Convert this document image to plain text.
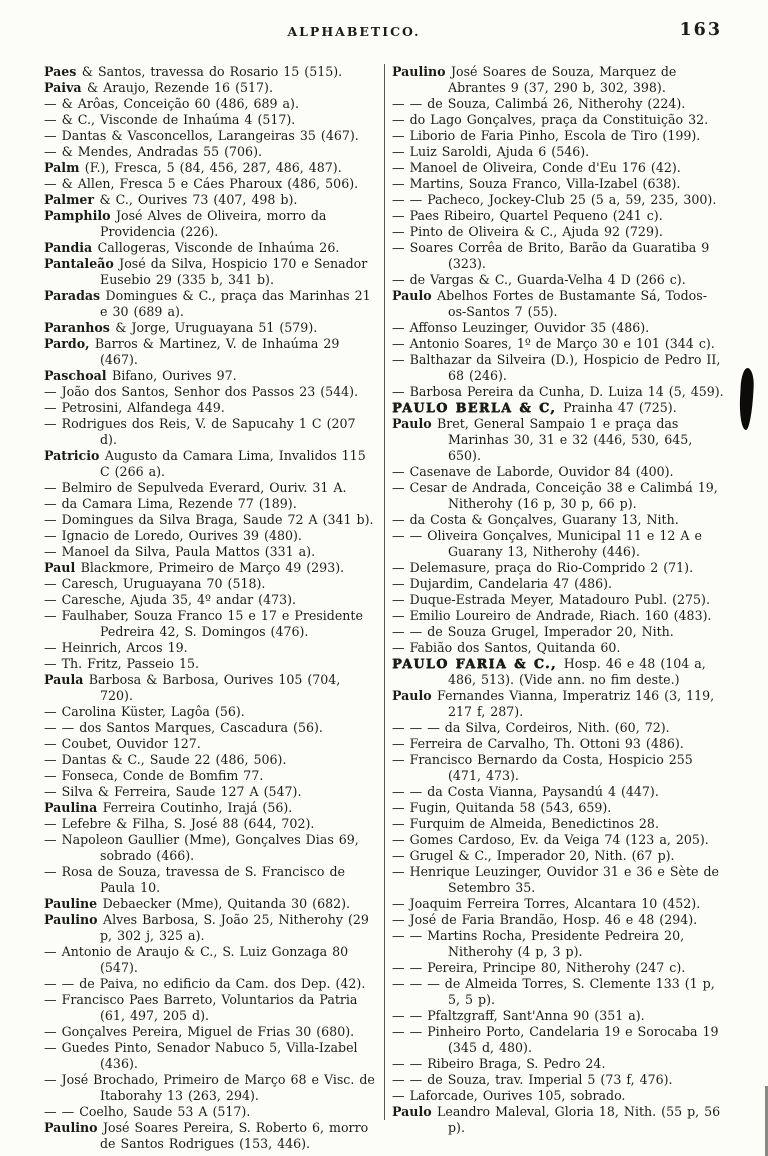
ALPHABETICO.	163
Paes & Santos, travessa do Rosario 15 (515).
Paiva & Araujo, Rezende 16 (517).
— & Arôas, Conceição 60 (486, 689 a).
— & C., Visconde de Inhaúma 4 (517).
— Dantas & Vasconcellos, Larangeiras 35 (467).
— & Mendes, Andradas 55 (706).
Palm (F.), Fresca, 5 (84, 456, 287, 486, 487).
— & Allen, Fresca 5 e Cáes Pharoux (486, 506).
Palmer & C., Ourives 73 (407, 498 b).
Pamphilo José Alves de Oliveira, morro da Providencia (226).
Pandia Callogeras, Visconde de Inhaúma 26.
Pantaleão José da Silva, Hospicio 170 e Senador Eusebio 29 (335 b, 341 b).
Paradas Domingues & C., praça das Marinhas 21 e 30 (689 a).
Paranhos & Jorge, Uruguayana 51 (579).
Pardo, Barros & Martinez, V. de Inhaúma 29 (467).
Paschoal Bifano, Ourives 97.
— João dos Santos, Senhor dos Passos 23 (544).
— Petrosini, Alfandega 449.
— Rodrigues dos Reis, V. de Sapucahy 1 C (207 d).
Patricio Augusto da Camara Lima, Invalidos 115 C (266 a).
— Belmiro de Sepulveda Everard, Ouriv. 31 A.
— da Camara Lima, Rezende 77 (189).
— Domingues da Silva Braga, Saude 72 A (341 b).
— Ignacio de Loredo, Ourives 39 (480).
— Manoel da Silva, Paula Mattos (331 a).
Paul Blackmore, Primeiro de Março 49 (293).
— Caresch, Uruguayana 70 (518).
— Caresche, Ajuda 35, 4º andar (473).
— Faulhaber, Souza Franco 15 e 17 e Presidente Pedreira 42, S. Domingos (476).
— Heinrich, Arcos 19.
— Th. Fritz, Passeio 15.
Paula Barbosa & Barbosa, Ourives 105 (704, 720).
— Carolina Küster, Lagôa (56).
— — dos Santos Marques, Cascadura (56).
— Coubet, Ouvidor 127.
— Dantas & C., Saude 22 (486, 506).
— Fonseca, Conde de Bomfim 77.
— Silva & Ferreira, Saude 127 A (547).
Paulina Ferreira Coutinho, Irajá (56).
— Lefebre & Filha, S. José 88 (644, 702).
— Napoleon Gaullier (Mme), Gonçalves Dias 69, sobrado (466).
— Rosa de Souza, travessa de S. Francisco de Paula 10.
Pauline Debaecker (Mme), Quitanda 30 (682).
Paulino Alves Barbosa, S. João 25, Nitherohy (29 p, 302 j, 325 a).
— Antonio de Araujo & C., S. Luiz Gonzaga 80 (547).
— — de Paiva, no edificio da Cam. dos Dep. (42).
— Francisco Paes Barreto, Voluntarios da Patria (61, 497, 205 d).
— Gonçalves Pereira, Miguel de Frias 30 (680).
— Guedes Pinto, Senador Nabuco 5, Villa-Izabel (436).
— José Brochado, Primeiro de Março 68 e Visc. de Itaborahy 13 (263, 294).
— — Coelho, Saude 53 A (517).
Paulino José Soares Pereira, S. Roberto 6, morro de Santos Rodrigues (153, 446).
Paulino José Soares de Souza, Marquez de Abrantes 9 (37, 290 b, 302, 398).
— — de Souza, Calimbá 26, Nitherohy (224).
— do Lago Gonçalves, praça da Constituição 32.
— Liborio de Faria Pinho, Escola de Tiro (199).
— Luiz Saroldi, Ajuda 6 (546).
— Manoel de Oliveira, Conde d'Eu 176 (42).
— Martins, Souza Franco, Villa-Izabel (638).
— — Pacheco, Jockey-Club 25 (5 a, 59, 235, 300).
— Paes Ribeiro, Quartel Pequeno (241 c).
— Pinto de Oliveira & C., Ajuda 92 (729).
— Soares Corrêa de Brito, Barão da Guaratiba 9 (323).
— de Vargas & C., Guarda-Velha 4 D (266 c).
Paulo Abelhos Fortes de Bustamante Sá, Todos-os-Santos 7 (55).
— Affonso Leuzinger, Ouvidor 35 (486).
— Antonio Soares, 1º de Março 30 e 101 (344 c).
— Balthazar da Silveira (D.), Hospicio de Pedro II, 68 (246).
— Barbosa Pereira da Cunha, D. Luiza 14 (5, 459).
PAULO BERLA & C, Prainha 47 (725).
Paulo Bret, General Sampaio 1 e praça das Marinhas 30, 31 e 32 (446, 530, 645, 650).
— Casenave de Laborde, Ouvidor 84 (400).
— Cesar de Andrada, Conceição 38 e Calimbá 19, Nitherohy (16 p, 30 p, 66 p).
— da Costa & Gonçalves, Guarany 13, Nith.
— — Oliveira Gonçalves, Municipal 11 e 12 A e Guarany 13, Nitherohy (446).
— Delemasure, praça do Rio-Comprido 2 (71).
— Dujardim, Candelaria 47 (486).
— Duque-Estrada Meyer, Matadouro Publ. (275).
— Emilio Loureiro de Andrade, Riach. 160 (483).
— — de Souza Grugel, Imperador 20, Nith.
— Fabião dos Santos, Quitanda 60.
PAULO FARIA & C., Hosp. 46 e 48 (104 a, 486, 513). (Vide ann. no fim deste.)
Paulo Fernandes Vianna, Imperatriz 146 (3, 119, 217 f, 287).
— — — da Silva, Cordeiros, Nith. (60, 72).
— Ferreira de Carvalho, Th. Ottoni 93 (486).
— Francisco Bernardo da Costa, Hospicio 255 (471, 473).
— — da Costa Vianna, Paysandú 4 (447).
— Fugin, Quitanda 58 (543, 659).
— Furquim de Almeida, Benedictinos 28.
— Gomes Cardoso, Ev. da Veiga 74 (123 a, 205).
— Grugel & C., Imperador 20, Nith. (67 p).
— Henrique Leuzinger, Ouvidor 31 e 36 e Sète de Setembro 35.
— Joaquim Ferreira Torres, Alcantara 10 (452).
— José de Faria Brandão, Hosp. 46 e 48 (294).
— — Martins Rocha, Presidente Pedreira 20, Nitherohy (4 p, 3 p).
— — Pereira, Principe 80, Nitherohy (247 c).
— — — de Almeida Torres, S. Clemente 133 (1 p, 5, 5 p).
— — Pfaltzgraff, Sant'Anna 90 (351 a).
— — Pinheiro Porto, Candelaria 19 e Sorocaba 19 (345 d, 480).
— — Ribeiro Braga, S. Pedro 24.
— — de Souza, trav. Imperial 5 (73 f, 476).
— Laforcade, Ourives 105, sobrado.
Paulo Leandro Maleval, Gloria 18, Nith. (55 p, 56 p).
